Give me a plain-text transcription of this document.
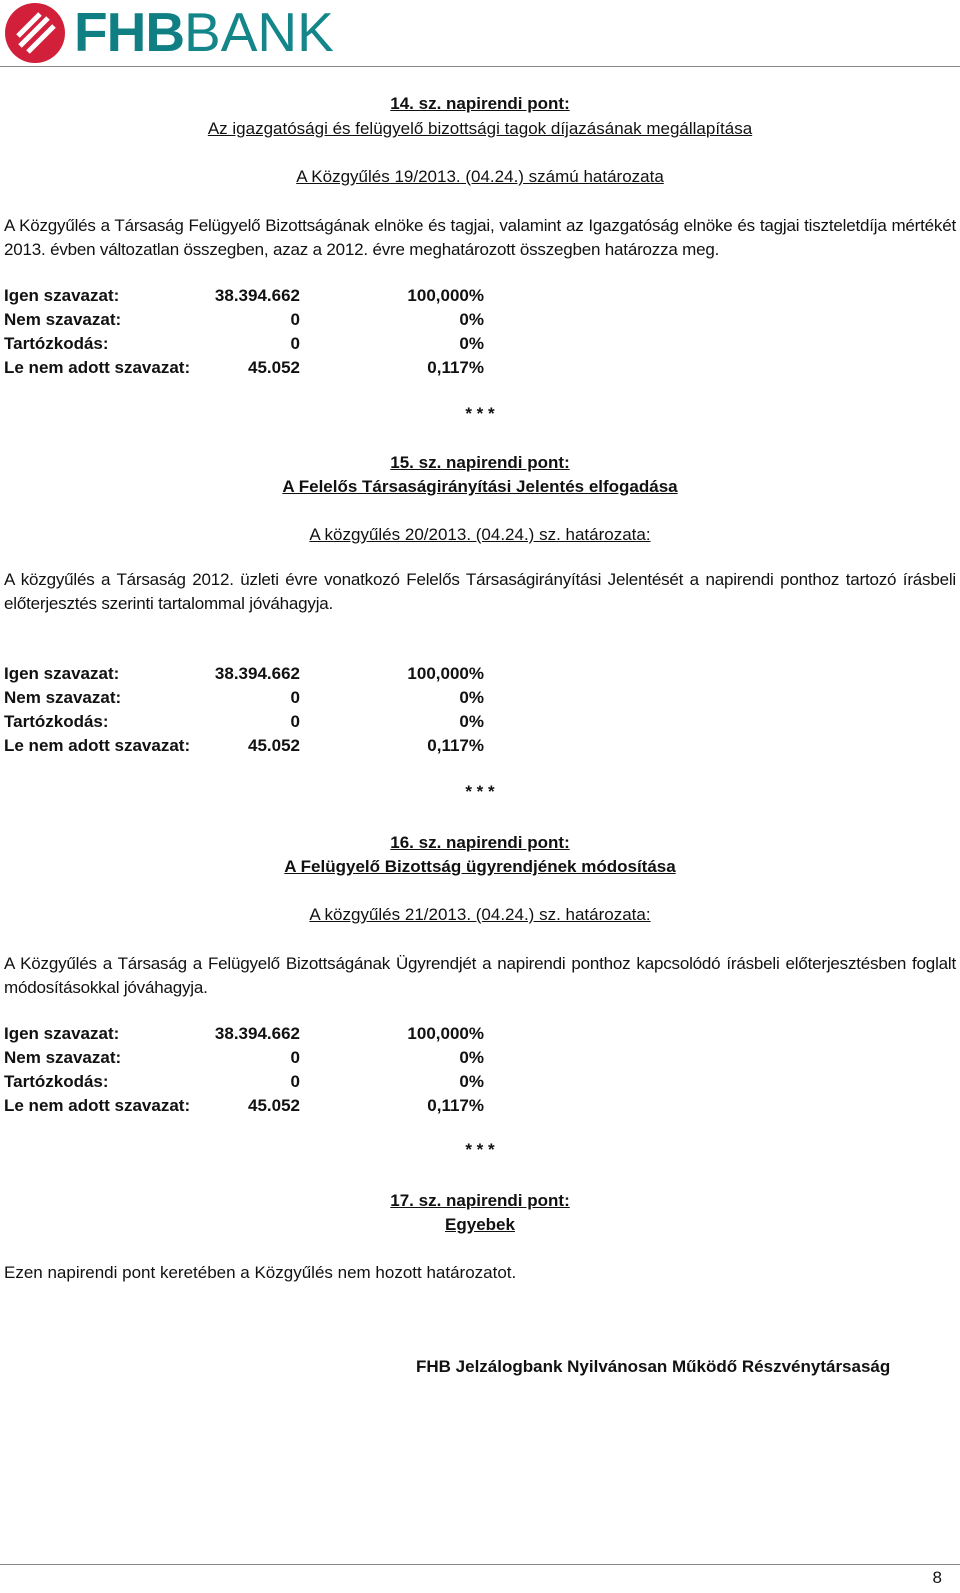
FHBBANK
14. sz. napirendi pont:
Az igazgatósági és felügyelő bizottsági tagok díjazásának megállapítása
A Közgyűlés 19/2013. (04.24.) számú határozata
A Közgyűlés a Társaság Felügyelő Bizottságának elnöke és tagjai, valamint az Igazgatóság elnöke és tagjai tiszteletdíja mértékét 2013. évben változatlan összegben, azaz a 2012. évre meghatározott összegben határozza meg.
Igen szavazat:	38.394.662	100,000%
Nem szavazat:	0	0%
Tartózkodás:	0	0%
Le nem adott szavazat:	45.052	0,117%
* * *
15. sz. napirendi pont:
A Felelős Társaságirányítási Jelentés elfogadása
A közgyűlés 20/2013. (04.24.) sz. határozata:
A közgyűlés a Társaság 2012. üzleti évre vonatkozó Felelős Társaságirányítási Jelentését a napirendi ponthoz tartozó írásbeli előterjesztés szerinti tartalommal jóváhagyja.
Igen szavazat:	38.394.662	100,000%
Nem szavazat:	0	0%
Tartózkodás:	0	0%
Le nem adott szavazat:	45.052	0,117%
* * *
16. sz. napirendi pont:
A Felügyelő Bizottság ügyrendjének módosítása
A közgyűlés 21/2013. (04.24.) sz. határozata:
A Közgyűlés a Társaság a Felügyelő Bizottságának Ügyrendjét a napirendi ponthoz kapcsolódó írásbeli előterjesztésben foglalt módosításokkal jóváhagyja.
Igen szavazat:	38.394.662	100,000%
Nem szavazat:	0	0%
Tartózkodás:	0	0%
Le nem adott szavazat:	45.052	0,117%
* * *
17. sz. napirendi pont:
Egyebek
Ezen napirendi pont keretében a Közgyűlés nem hozott határozatot.
FHB Jelzálogbank Nyilvánosan Működő Részvénytársaság
8
